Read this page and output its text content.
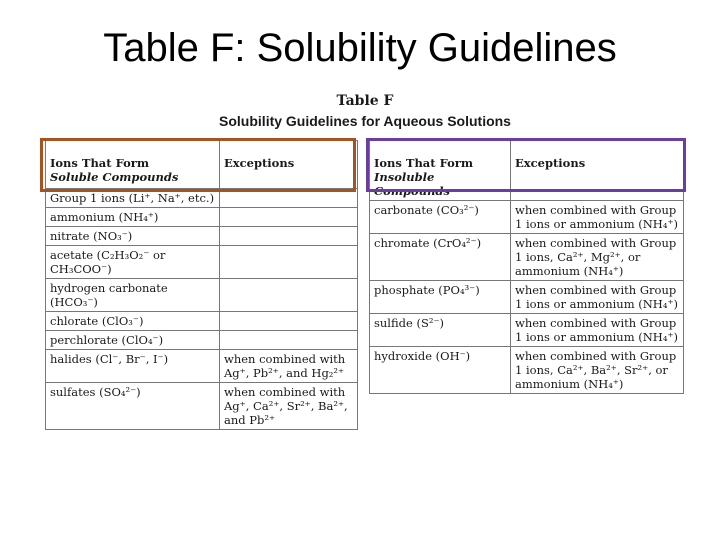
Table F: Solubility Guidelines
Table F
Solubility Guidelines for Aqueous Solutions
Ions That Form
Soluble Compounds	Exceptions
Group 1 ions (Li⁺, Na⁺, etc.)	
ammonium (NH₄⁺)	
nitrate (NO₃⁻)	
acetate (C₂H₃O₂⁻ or CH₃COO⁻)	
hydrogen carbonate (HCO₃⁻)	
chlorate (ClO₃⁻)	
perchlorate (ClO₄⁻)	
halides (Cl⁻, Br⁻, I⁻)	when combined with Ag⁺, Pb²⁺, and Hg₂²⁺
sulfates (SO₄²⁻)	when combined with Ag⁺, Ca²⁺, Sr²⁺, Ba²⁺, and Pb²⁺
Ions That Form
Insoluble Compounds	Exceptions
carbonate (CO₃²⁻)	when combined with Group 1 ions or ammonium (NH₄⁺)
chromate (CrO₄²⁻)	when combined with Group 1 ions, Ca²⁺, Mg²⁺, or ammonium (NH₄⁺)
phosphate (PO₄³⁻)	when combined with Group 1 ions or ammonium (NH₄⁺)
sulfide (S²⁻)	when combined with Group 1 ions or ammonium (NH₄⁺)
hydroxide (OH⁻)	when combined with Group 1 ions, Ca²⁺, Ba²⁺, Sr²⁺, or ammonium (NH₄⁺)
